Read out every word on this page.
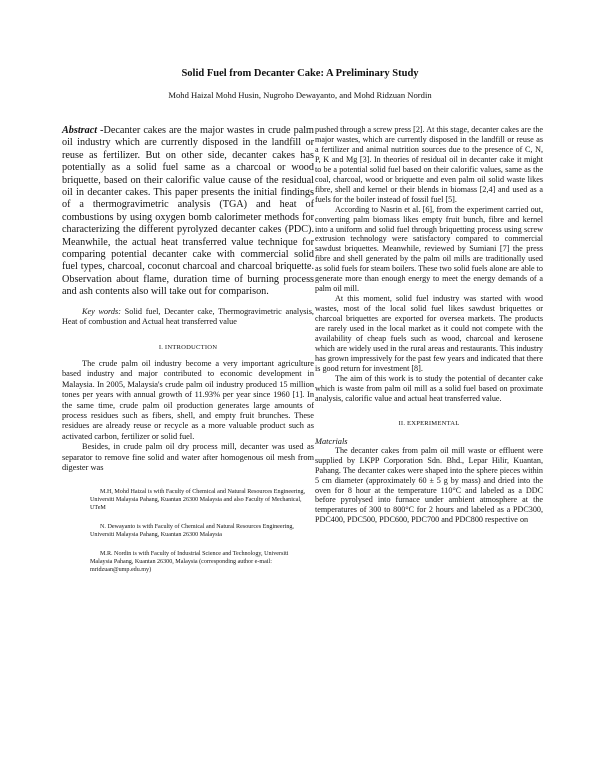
Solid Fuel from Decanter Cake: A Preliminary Study
Mohd Haizal Mohd Husin, Nugroho Dewayanto, and Mohd Ridzuan Nordin

Abstract -Decanter cakes are the major wastes in crude palm oil industry which are currently disposed in the landfill or reuse as fertilizer. But on other side, decanter cakes has potentially as a solid fuel same as a charcoal or wood briquette, based on their calorific value cause of the residual oil in decanter cakes. This paper presents the initial findings of a thermogravimetric analysis (TGA) and heat of combustions by using oxygen bomb calorimeter methods for characterizing the different pyrolyzed decanter cakes (PDC). Meanwhile, the actual heat transferred value technique for comparing potential decanter cake with commercial solid fuel types, charcoal, coconut charcoal and charcoal briquette. Observation about flame, duration time of burning process and ash contents also will take out for comparison.

Key words: Solid fuel, Decanter cake, Thermogravimetric analysis, Heat of combustion and Actual heat transferred value

I. INTRODUCTION

The crude palm oil industry become a very important agriculture based industry and major contributed to economic development in Malaysia. In 2005, Malaysia's crude palm oil industry produced 15 million tones per years with annual growth of 11.93% per year since 1960 [1]. In the same time, crude palm oil production generates large amounts of process residues such as fibers, shell, and empty fruit brunches. These residues are already reuse or recycle as a more valuable product such as activated carbon, fertilizer or solid fuel.

Besides, in crude palm oil dry process mill, decanter was used as separator to remove fine solid and water after homogenous oil mesh from digester was

M.H, Mohd Haizal is with Faculty of Chemical and Natural Resources Engineering, Universiti Malaysia Pahang, Kuantan 26300 Malaysia and also Faculty of Mechanical, UTeM

N. Dewayanto is with Faculty of Chemical and Natural Resources Engineering, Universiti Malaysia Pahang, Kuantan 26300 Malaysia

M.R. Nordin is with Faculty of Industrial Science and Technology, Universiti Malaysia Pahang, Kuantan 26300, Malaysia (corresponding author e-mail: mridzuan@ump.edu.my)

pushed through a screw press [2]. At this stage, decanter cakes are the major wastes, which are currently disposed in the landfill or reuse as a fertilizer and animal nutrition sources due to the presence of C, N, P, K and Mg [3]. In theories of residual oil in decanter cake it might to be a potential solid fuel based on their calorific values, same as the coal, charcoal, wood or briquette and even palm oil solid waste likes fibre, shell and kernel or their blends in biomass [2,4] and used as a fuels for the boiler instead of fossil fuel [5].

According to Nasrin et al. [6], from the experiment carried out, converting palm biomass likes empty fruit bunch, fibre and kernel into a uniform and solid fuel through briquetting process using screw extrusion technology were satisfactory compared to commercial sawdust briquettes. Meanwhile, reviewed by Sumiani [7] the press fibre and shell generated by the palm oil mills are traditionally used as solid fuels for steam boilers. These two solid fuels alone are able to generate more than enough energy to meet the energy demands of a palm oil mill.

At this moment, solid fuel industry was started with wood wastes, most of the local solid fuel likes sawdust briquettes or charcoal briquettes are exported for oversea markets. The products are rarely used in the local market as it could not compete with the availability of cheap fuels such as wood, charcoal and kerosene which are widely used in the rural areas and restaurants. This industry has grown impressively for the past few years and indicated that there is good return for investment [8].

The aim of this work is to study the potential of decanter cake which is waste from palm oil mill as a solid fuel based on proximate analysis, calorific value and actual heat transferred value.

II. EXPERIMENTAL
Matcrials

The decanter cakes from palm oil mill waste or effluent were supplied by LKPP Corporation Sdn. Bhd., Lepar Hilir, Kuantan, Pahang. The decanter cakes were shaped into the sphere pieces within 5 cm diameter (approximately 60 ± 5 g by mass) and dried into the oven for 8 hour at the temperature 110°C and labeled as a DDC before pyrolysed into furnace under ambient atmosphere at the temperatures of 300 to 800°C for 2 hours and labeled as a PDC300, PDC400, PDC500, PDC600, PDC700 and PDC800 respective on
